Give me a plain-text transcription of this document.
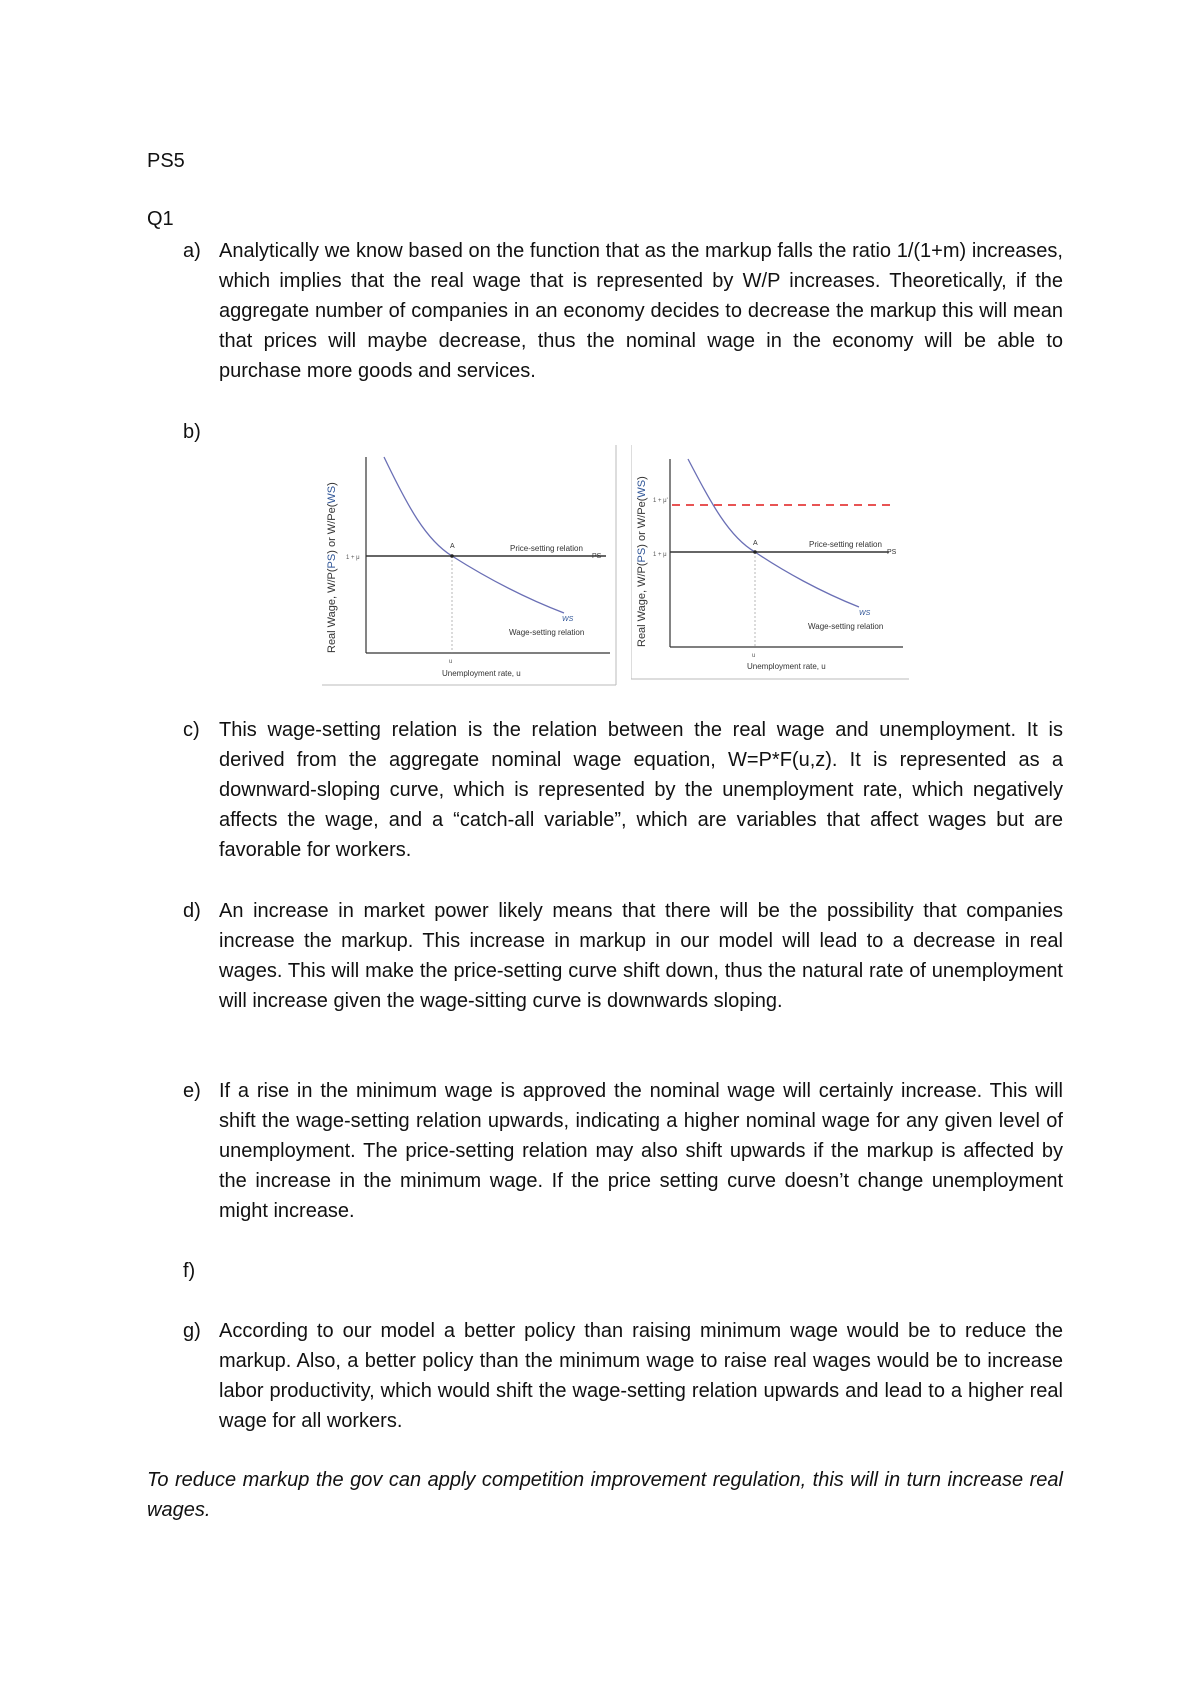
PS5
Q1
a) Analytically we know based on the function that as the markup falls the ratio 1/(1+m) increases, which implies that the real wage that is represented by W/P increases. Theoretically, if the aggregate number of companies in an economy decides to decrease the markup this will mean that prices will maybe decrease, thus the nominal wage in the economy will be able to purchase more goods and services.
b)
Real Wage, W/P(PS) or W/Pe(WS)
1 + μ
A	Price-setting relation
PS
WS
Wage-setting relation
u
Unemployment rate, u
Real Wage, W/P(PS) or W/Pe(WS)
1 + μ'
1 + μ
A	Price-setting relation
PS
WS
Wage-setting relation
u
Unemployment rate, u
c) This wage-setting relation is the relation between the real wage and unemployment. It is derived from the aggregate nominal wage equation, W=P*F(u,z). It is represented as a downward-sloping curve, which is represented by the unemployment rate, which negatively affects the wage, and a “catch-all variable”, which are variables that affect wages but are favorable for workers.
d) An increase in market power likely means that there will be the possibility that companies increase the markup. This increase in markup in our model will lead to a decrease in real wages. This will make the price-setting curve shift down, thus the natural rate of unemployment will increase given the wage-sitting curve is downwards sloping.
e) If a rise in the minimum wage is approved the nominal wage will certainly increase. This will shift the wage-setting relation upwards, indicating a higher nominal wage for any given level of unemployment. The price-setting relation may also shift upwards if the markup is affected by the increase in the minimum wage. If the price setting curve doesn’t change unemployment might increase.
f)
g) According to our model a better policy than raising minimum wage would be to reduce the markup. Also, a better policy than the minimum wage to raise real wages would be to increase labor productivity, which would shift the wage-setting relation upwards and lead to a higher real wage for all workers.
To reduce markup the gov can apply competition improvement regulation, this will in turn increase real wages.
